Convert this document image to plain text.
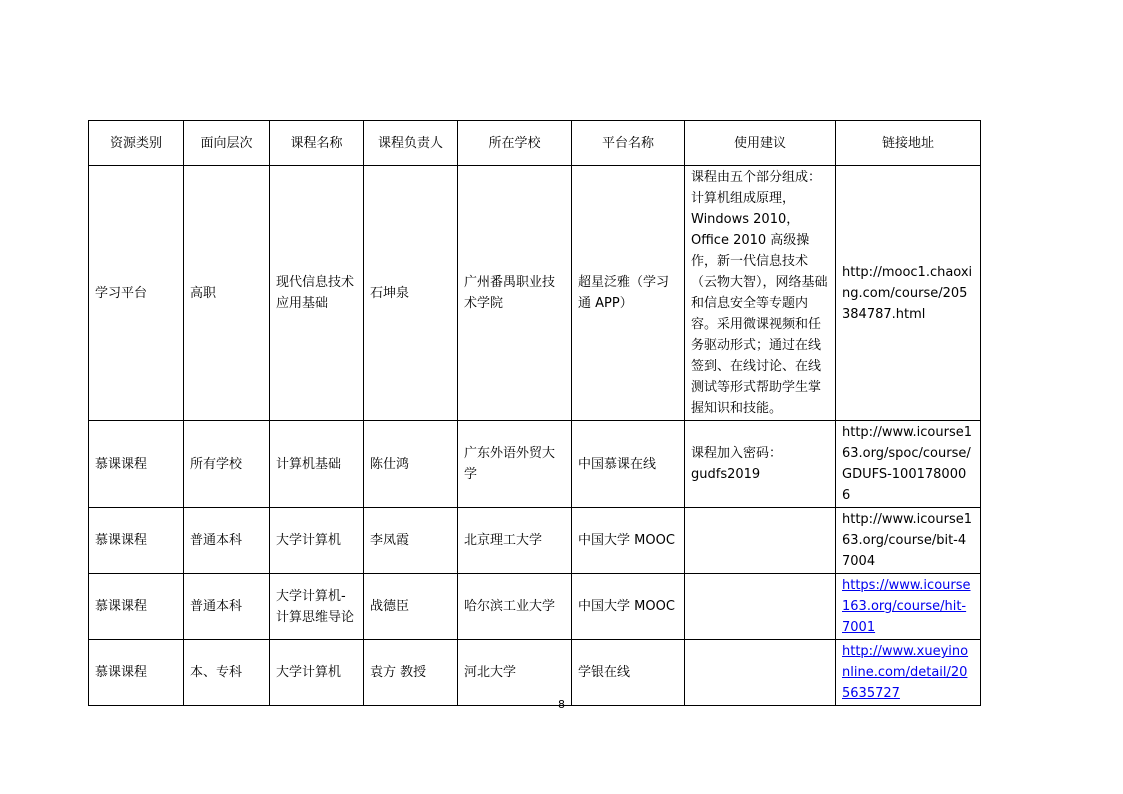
资源类别	面向层次	课程名称	课程负责人	所在学校	平台名称	使用建议	链接地址
学习平台	高职	现代信息技术应用基础	石坤泉	广州番禺职业技术学院	超星泛雅（学习通 APP）	课程由五个部分组成：计算机组成原理，Windows 2010，Office 2010 高级操作，新一代信息技术（云物大智），网络基础和信息安全等专题内容。采用微课视频和任务驱动形式；通过在线签到、在线讨论、在线测试等形式帮助学生掌握知识和技能。	http://mooc1.chaoxing.com/course/205384787.html
慕课课程	所有学校	计算机基础	陈仕鸿	广东外语外贸大学	中国慕课在线	课程加入密码：gudfs2019	http://www.icourse163.org/spoc/course/GDUFS-1001780006
慕课课程	普通本科	大学计算机	李凤霞	北京理工大学	中国大学 MOOC		http://www.icourse163.org/course/bit-47004
慕课课程	普通本科	大学计算机-计算思维导论	战德臣	哈尔滨工业大学	中国大学 MOOC		https://www.icourse163.org/course/hit-7001
慕课课程	本、专科	大学计算机	袁方 教授	河北大学	学银在线		http://www.xueyinonline.com/detail/205635727
8
